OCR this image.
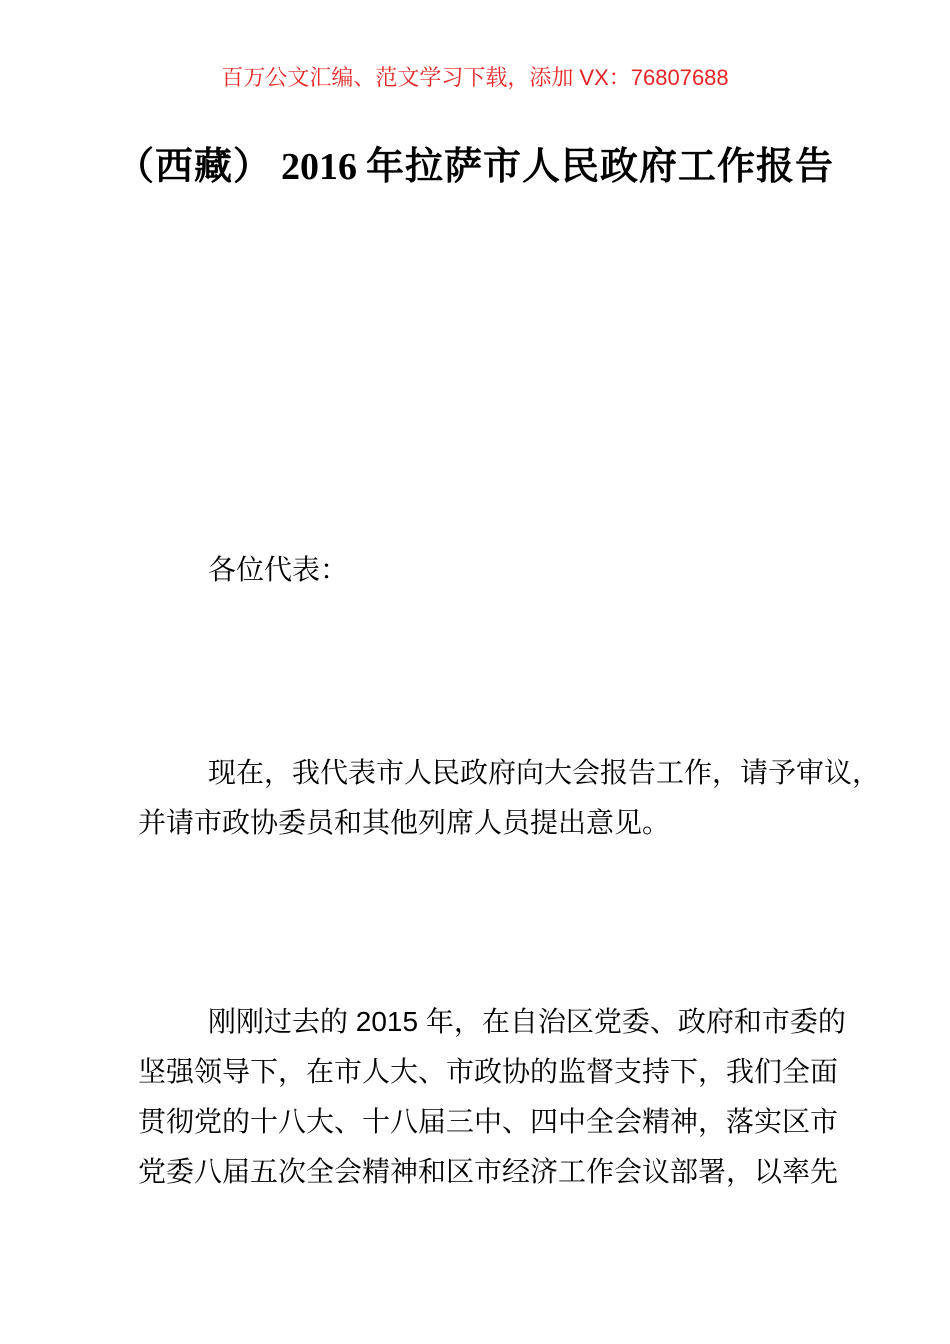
百万公文汇编、范文学习下载，添加 VX：76807688
（西藏） 2016 年拉萨市人民政府工作报告
各位代表：
现在，我代表市人民政府向大会报告工作，请予审议，
并请市政协委员和其他列席人员提出意见。
刚刚过去的 2015 年，在自治区党委、政府和市委的
坚强领导下，在市人大、市政协的监督支持下，我们全面
贯彻党的十八大、十八届三中、四中全会精神，落实区市
党委八届五次全会精神和区市经济工作会议部署，以率先
